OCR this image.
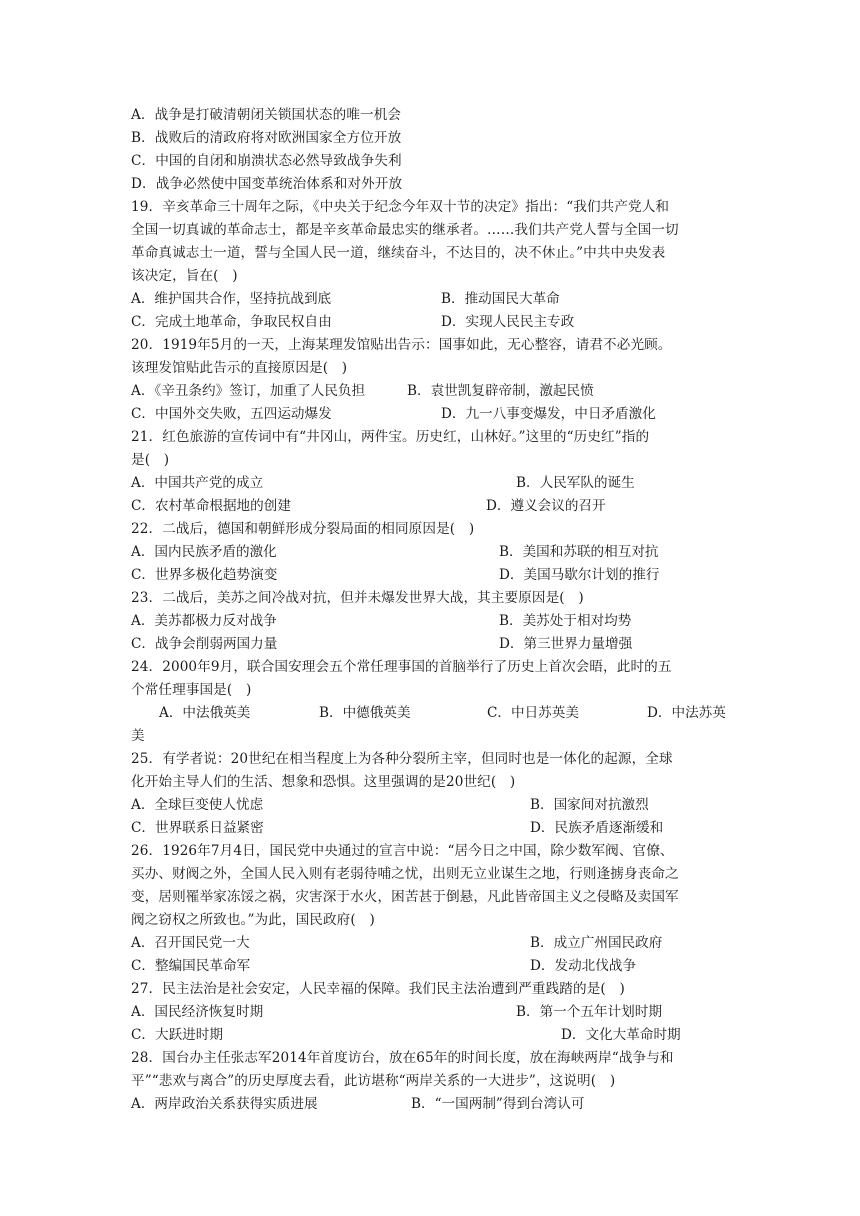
A．战争是打破清朝闭关锁国状态的唯一机会
B．战败后的清政府将对欧洲国家全方位开放
C．中国的自闭和崩溃状态必然导致战争失利
D．战争必然使中国变革统治体系和对外开放
19．辛亥革命三十周年之际，《中央关于纪念今年双十节的决定》指出：“我们共产党人和
全国一切真诚的革命志士，都是辛亥革命最忠实的继承者。……我们共产党人誓与全国一切
革命真诚志士一道，誓与全国人民一道，继续奋斗，不达目的，决不休止。”中共中央发表
该决定，旨在(　)
A．维护国共合作，坚持抗战到底	B．推动国民大革命
C．完成土地革命，争取民权自由	D．实现人民民主专政
20．1919年5月的一天，上海某理发馆贴出告示：国事如此，无心整容，请君不必光顾。
该理发馆贴此告示的直接原因是(　)
A．《辛丑条约》签订，加重了人民负担	B．袁世凯复辟帝制，激起民愤
C．中国外交失败，五四运动爆发	D．九一八事变爆发，中日矛盾激化
21．红色旅游的宣传词中有“井冈山，两件宝。历史红，山林好。”这里的“历史红”指的
是(　)
A．中国共产党的成立	B．人民军队的诞生
C．农村革命根据地的创建	D．遵义会议的召开
22．二战后，德国和朝鲜形成分裂局面的相同原因是(　)
A．国内民族矛盾的激化	B．美国和苏联的相互对抗
C．世界多极化趋势演变	D．美国马歇尔计划的推行
23．二战后，美苏之间冷战对抗，但并未爆发世界大战，其主要原因是(　)
A．美苏都极力反对战争	B．美苏处于相对均势
C．战争会削弱两国力量	D．第三世界力量增强
24．2000年9月，联合国安理会五个常任理事国的首脑举行了历史上首次会晤，此时的五
个常任理事国是(　)
A．中法俄英美	B．中德俄英美	C．中日苏英美	D．中法苏英
美
25．有学者说：20世纪在相当程度上为各种分裂所主宰，但同时也是一体化的起源，全球
化开始主导人们的生活、想象和恐惧。这里强调的是20世纪(　)
A．全球巨变使人忧虑	B．国家间对抗激烈
C．世界联系日益紧密	D．民族矛盾逐渐缓和
26．1926年7月4日，国民党中央通过的宣言中说：“居今日之中国，除少数军阀、官僚、
买办、财阀之外，全国人民入则有老弱待哺之忧，出则无立业谋生之地，行则逢掳身丧命之
变，居则罹举家冻馁之祸，灾害深于水火，困苦甚于倒悬，凡此皆帝国主义之侵略及卖国军
阀之窃权之所致也。”为此，国民政府(　)
A．召开国民党一大	B．成立广州国民政府
C．整编国民革命军	D．发动北伐战争
27．民主法治是社会安定，人民幸福的保障。我们民主法治遭到严重践踏的是(　)
A．国民经济恢复时期	B．第一个五年计划时期
C．大跃进时期	D．文化大革命时期
28．国台办主任张志军2014年首度访台，放在65年的时间长度，放在海峡两岸“战争与和
平”“悲欢与离合”的历史厚度去看，此访堪称“两岸关系的一大进步”，这说明(　)
A．两岸政治关系获得实质进展	B．“一国两制”得到台湾认可
